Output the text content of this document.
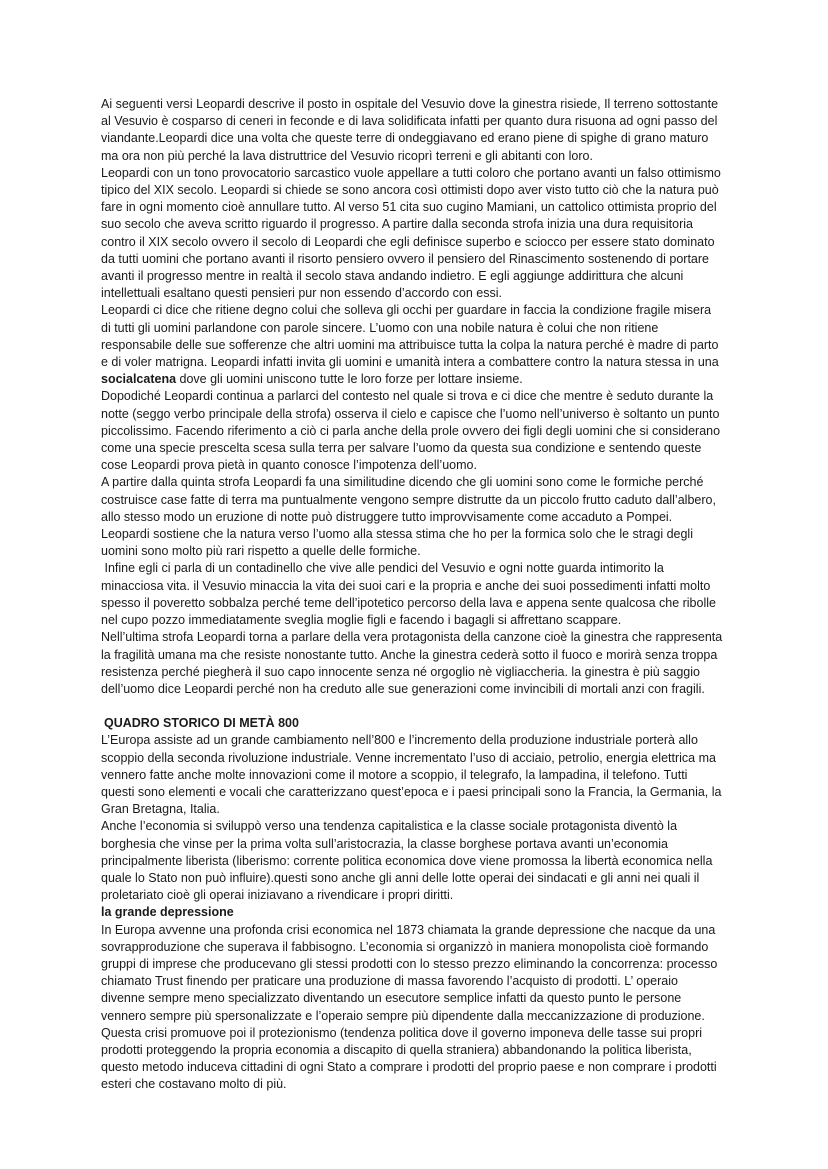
Ai seguenti versi Leopardi descrive il posto in ospitale del Vesuvio dove la ginestra risiede, Il terreno sottostante al Vesuvio è cosparso di ceneri in feconde e di lava solidificata infatti per quanto dura risuona ad ogni passo del viandante.Leopardi dice una volta che queste terre di ondeggiavano ed erano piene di spighe di grano maturo ma ora non più perché la lava distruttrice del Vesuvio ricoprì terreni e gli abitanti con loro.

Leopardi con un tono provocatorio sarcastico vuole appellare a tutti coloro che portano avanti un falso ottimismo tipico del XIX secolo. Leopardi si chiede se sono ancora così ottimisti dopo aver visto tutto ciò che la natura può fare in ogni momento cioè annullare tutto. Al verso 51 cita suo cugino Mamiani, un cattolico ottimista proprio del suo secolo che aveva scritto riguardo il progresso. A partire dalla seconda strofa inizia una dura requisitoria contro il XIX secolo ovvero il secolo di Leopardi che egli definisce superbo e sciocco per essere stato dominato da tutti uomini che portano avanti il risorto pensiero ovvero il pensiero del Rinascimento sostenendo di portare avanti il progresso mentre in realtà il secolo stava andando indietro. E egli aggiunge addirittura che alcuni intellettuali esaltano questi pensieri pur non essendo d’accordo con essi.

Leopardi ci dice che ritiene degno colui che solleva gli occhi per guardare in faccia la condizione fragile misera di tutti gli uomini parlandone con parole sincere. L’uomo con una nobile natura è colui che non ritiene responsabile delle sue sofferenze che altri uomini ma attribuisce tutta la colpa la natura perché è madre di parto e di voler matrigna. Leopardi infatti invita gli uomini e umanità intera a combattere contro la natura stessa in una socialcatena dove gli uomini uniscono tutte le loro forze per lottare insieme.

Dopodiché Leopardi continua a parlarci del contesto nel quale si trova e ci dice che mentre è seduto durante la notte (seggo verbo principale della strofa) osserva il cielo e capisce che l’uomo nell’universo è soltanto un punto piccolissimo. Facendo riferimento a ciò ci parla anche della prole ovvero dei figli degli uomini che si considerano come una specie prescelta scesa sulla terra per salvare l’uomo da questa sua condizione e sentendo queste cose Leopardi prova pietà in quanto conosce l’impotenza dell’uomo.

A partire dalla quinta strofa Leopardi fa una similitudine dicendo che gli uomini sono come le formiche perché costruisce case fatte di terra ma puntualmente vengono sempre distrutte da un piccolo frutto caduto dall’albero, allo stesso modo un eruzione di notte può distruggere tutto improvvisamente come accaduto a Pompei. Leopardi sostiene che la natura verso l’uomo alla stessa stima che ho per la formica solo che le stragi degli uomini sono molto più rari rispetto a quelle delle formiche.

Infine egli ci parla di un contadinello che vive alle pendici del Vesuvio e ogni notte guarda intimorito la minacciosa vita. il Vesuvio minaccia la vita dei suoi cari e la propria e anche dei suoi possedimenti infatti molto spesso il poveretto sobbalza perché teme dell’ipotetico percorso della lava e appena sente qualcosa che ribolle nel cupo pozzo immediatamente sveglia moglie figli e facendo i bagagli si affrettano scappare.

Nell’ultima strofa Leopardi torna a parlare della vera protagonista della canzone cioè la ginestra che rappresenta la fragilità umana ma che resiste nonostante tutto. Anche la ginestra cederà sotto il fuoco e morirà senza troppa resistenza perché piegherà il suo capo innocente senza né orgoglio nè vigliaccheria. la ginestra è più saggio dell’uomo dice Leopardi perché non ha creduto alle sue generazioni come invincibili di mortali anzi con fragili.

QUADRO STORICO DI METÀ 800

L’Europa assiste ad un grande cambiamento nell’800 e l’incremento della produzione industriale porterà allo scoppio della seconda rivoluzione industriale. Venne incrementato l’uso di acciaio, petrolio, energia elettrica ma vennero fatte anche molte innovazioni come il motore a scoppio, il telegrafo, la lampadina, il telefono. Tutti questi sono elementi e vocali che caratterizzano quest’epoca e i paesi principali sono la Francia, la Germania, la Gran Bretagna, Italia.

Anche l’economia si sviluppò verso una tendenza capitalistica e la classe sociale protagonista diventò la borghesia che vinse per la prima volta sull’aristocrazia, la classe borghese portava avanti un’economia principalmente liberista (liberismo: corrente politica economica dove viene promossa la libertà economica nella quale lo Stato non può influire).questi sono anche gli anni delle lotte operai dei sindacati e gli anni nei quali il proletariato cioè gli operai iniziavano a rivendicare i propri diritti.

la grande depressione

In Europa avvenne una profonda crisi economica nel 1873 chiamata la grande depressione che nacque da una sovrapproduzione che superava il fabbisogno. L’economia si organizzò in maniera monopolista cioè formando gruppi di imprese che producevano gli stessi prodotti con lo stesso prezzo eliminando la concorrenza: processo chiamato Trust finendo per praticare una produzione di massa favorendo l’acquisto di prodotti. L’ operaio divenne sempre meno specializzato diventando un esecutore semplice infatti da questo punto le persone vennero sempre più spersonalizzate e l’operaio sempre più dipendente dalla meccanizzazione di produzione. Questa crisi promuove poi il protezionismo (tendenza politica dove il governo imponeva delle tasse sui propri prodotti proteggendo la propria economia a discapito di quella straniera) abbandonando la politica liberista, questo metodo induceva cittadini di ogni Stato a comprare i prodotti del proprio paese e non comprare i prodotti esteri che costavano molto di più.
